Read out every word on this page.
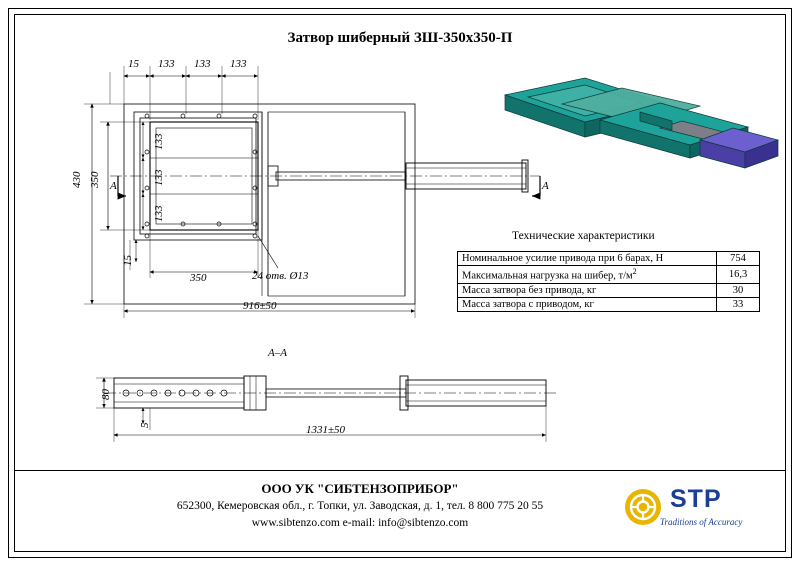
Затвор шиберный ЗШ-350х350-П
15 133 133 133
430 350
133
133
133
15
350
916±50
24 отв. Ø13
A	A
А–А
80
5	1331±50
Технические характеристики
Номинальное усилие привода при 6 барах, Н	754
Максимальная нагрузка на шибер, $т/м^2$	16,3
Масса затвора без привода, кг	30
Масса затвора с приводом, кг	33
ООО УК "СИБТЕНЗОПРИБОР"
652300, Кемеровская обл., г. Топки, ул. Заводская, д. 1, тел. 8 800 775 20 55
www.sibtenzo.com e-mail: info@sibtenzo.com
STP
Traditions of Accuracy
